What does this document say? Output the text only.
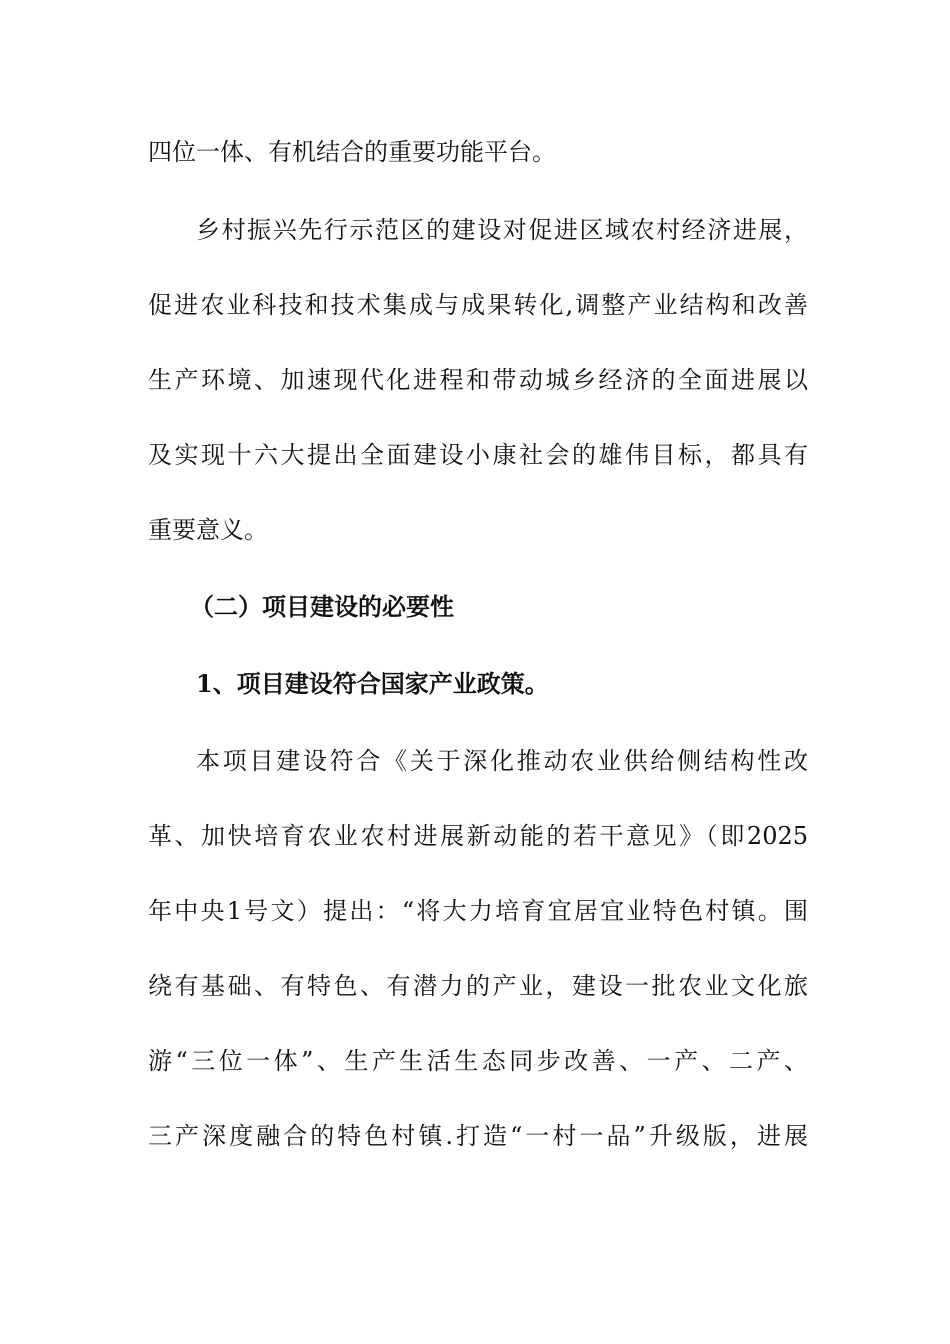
四位一体、有机结合的重要功能平台。
乡村振兴先行示范区的建设对促进区域农村经济进展，
促进农业科技和技术集成与成果转化,调整产业结构和改善
生产环境、加速现代化进程和带动城乡经济的全面进展以
及实现十六大提出全面建设小康社会的雄伟目标，都具有
重要意义。
（二）项目建设的必要性
1、项目建设符合国家产业政策。
本项目建设符合《关于深化推动农业供给侧结构性改
革、加快培育农业农村进展新动能的若干意见》（即2025
年中央1号文）提出：“将大力培育宜居宜业特色村镇。围
绕有基础、有特色、有潜力的产业，建设一批农业文化旅
游“三位一体”、生产生活生态同步改善、一产、二产、
三产深度融合的特色村镇.打造“一村一品”升级版，进展
